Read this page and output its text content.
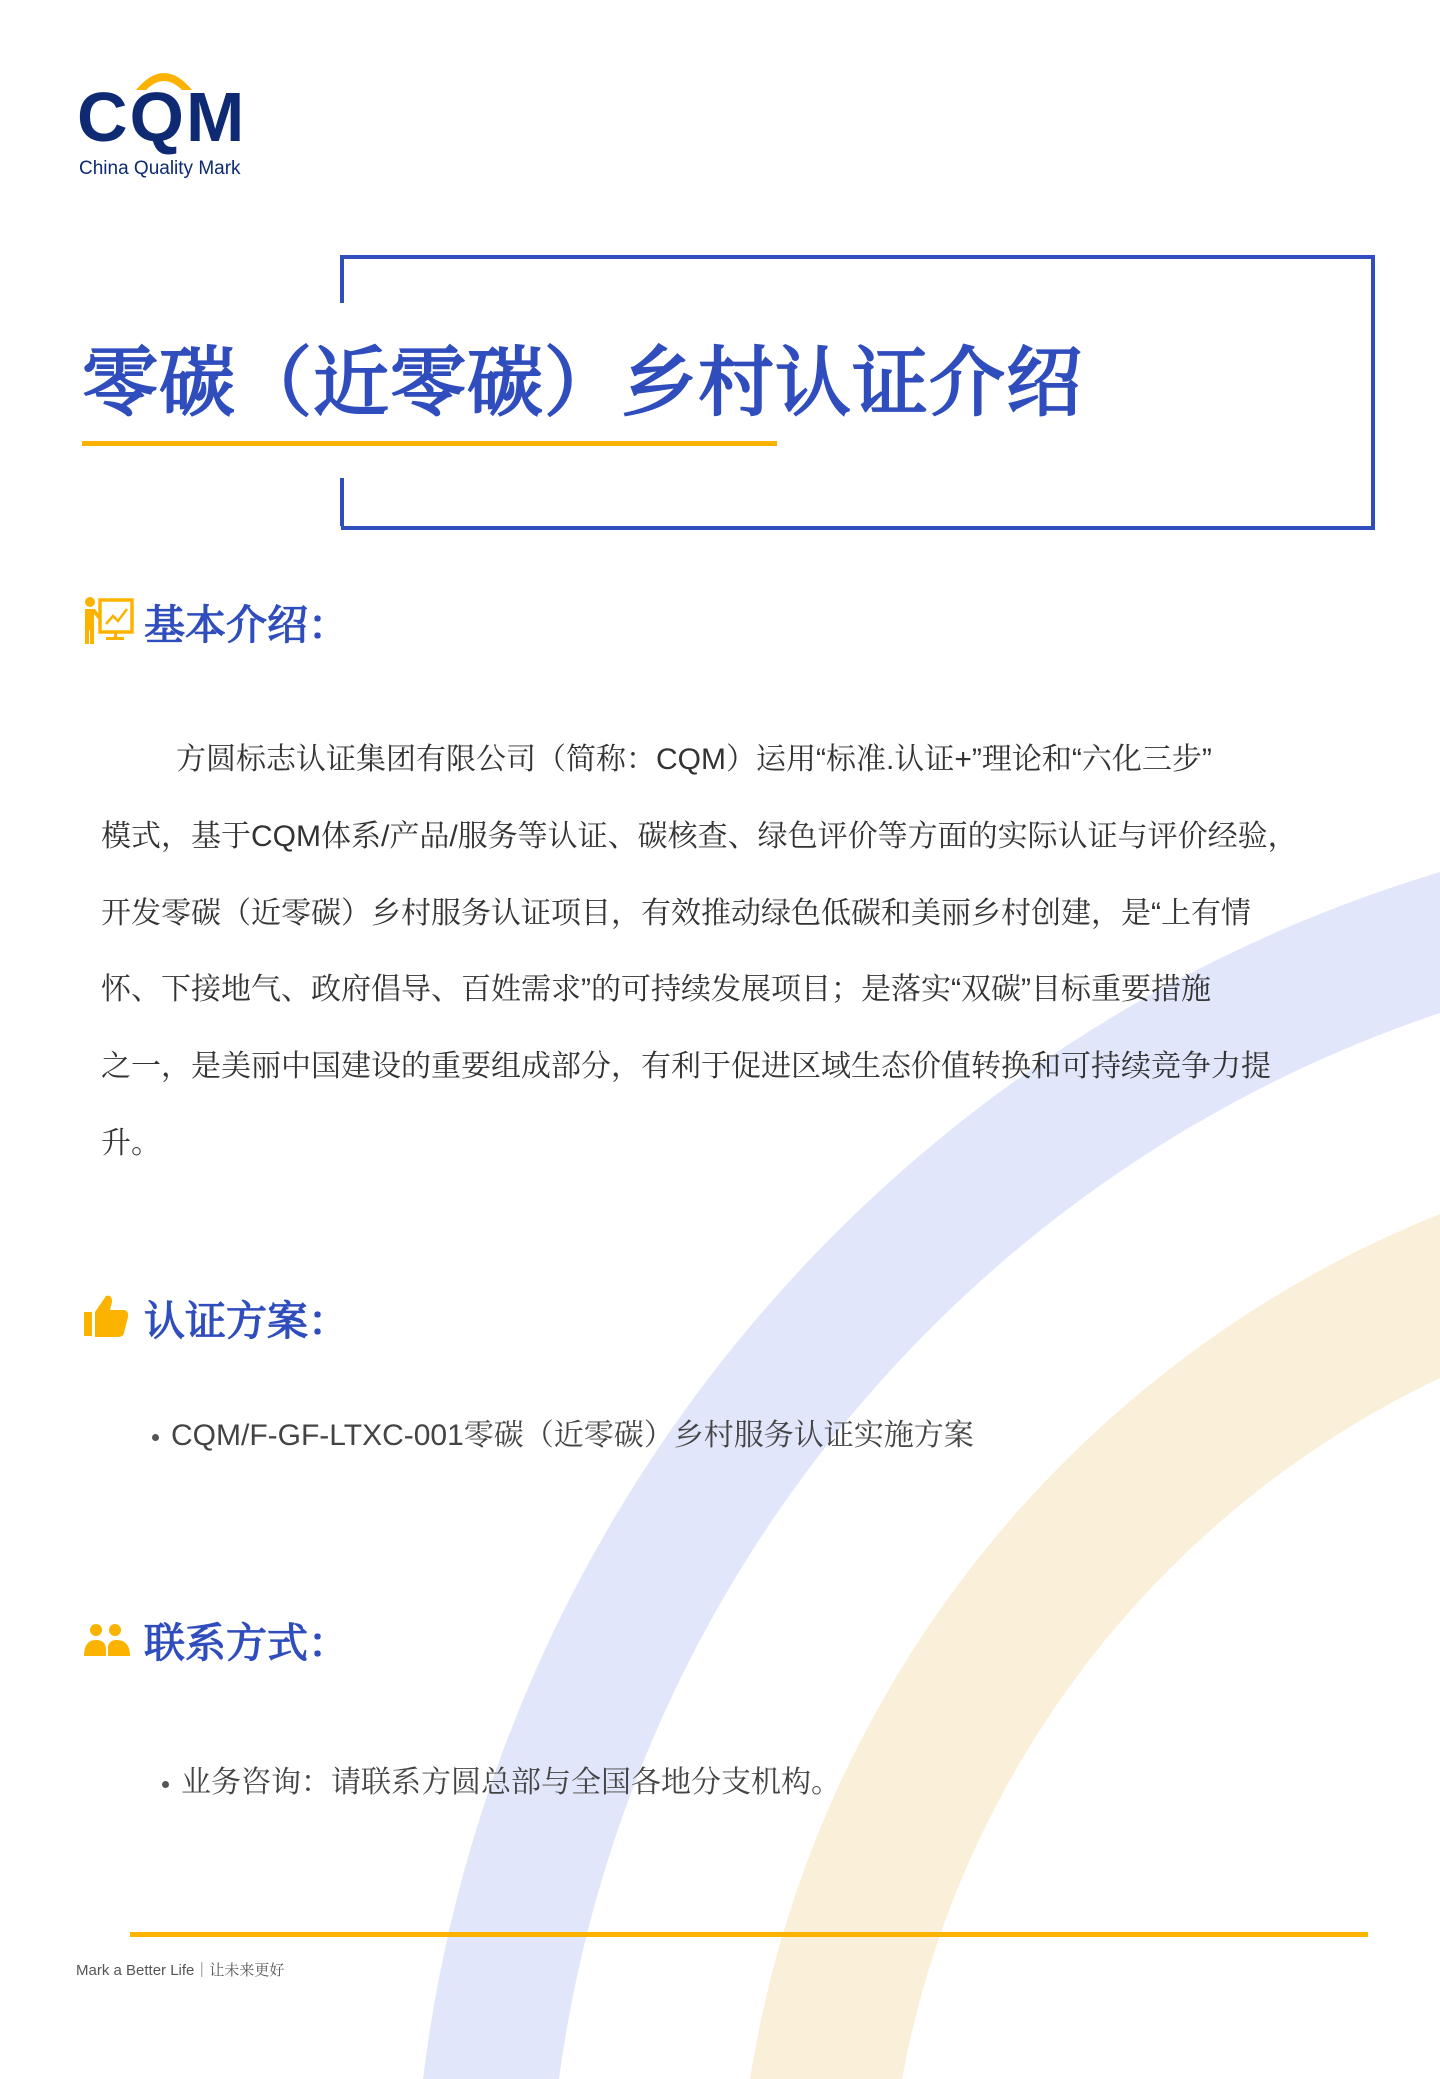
CQM
China Quality Mark
零碳（近零碳）乡村认证介绍
基本介绍：
方圆标志认证集团有限公司（简称：CQM）运用“标准.认证+”理论和“六化三步”
模式，基于CQM体系/产品/服务等认证、碳核查、绿色评价等方面的实际认证与评价经验，
开发零碳（近零碳）乡村服务认证项目，有效推动绿色低碳和美丽乡村创建，是“上有情
怀、下接地气、政府倡导、百姓需求”的可持续发展项目；是落实“双碳”目标重要措施
之一，是美丽中国建设的重要组成部分，有利于促进区域生态价值转换和可持续竞争力提
升。
认证方案：
CQM/F-GF-LTXC-001零碳（近零碳）乡村服务认证实施方案
联系方式：
业务咨询：请联系方圆总部与全国各地分支机构。
Mark a Better Life｜让未来更好
